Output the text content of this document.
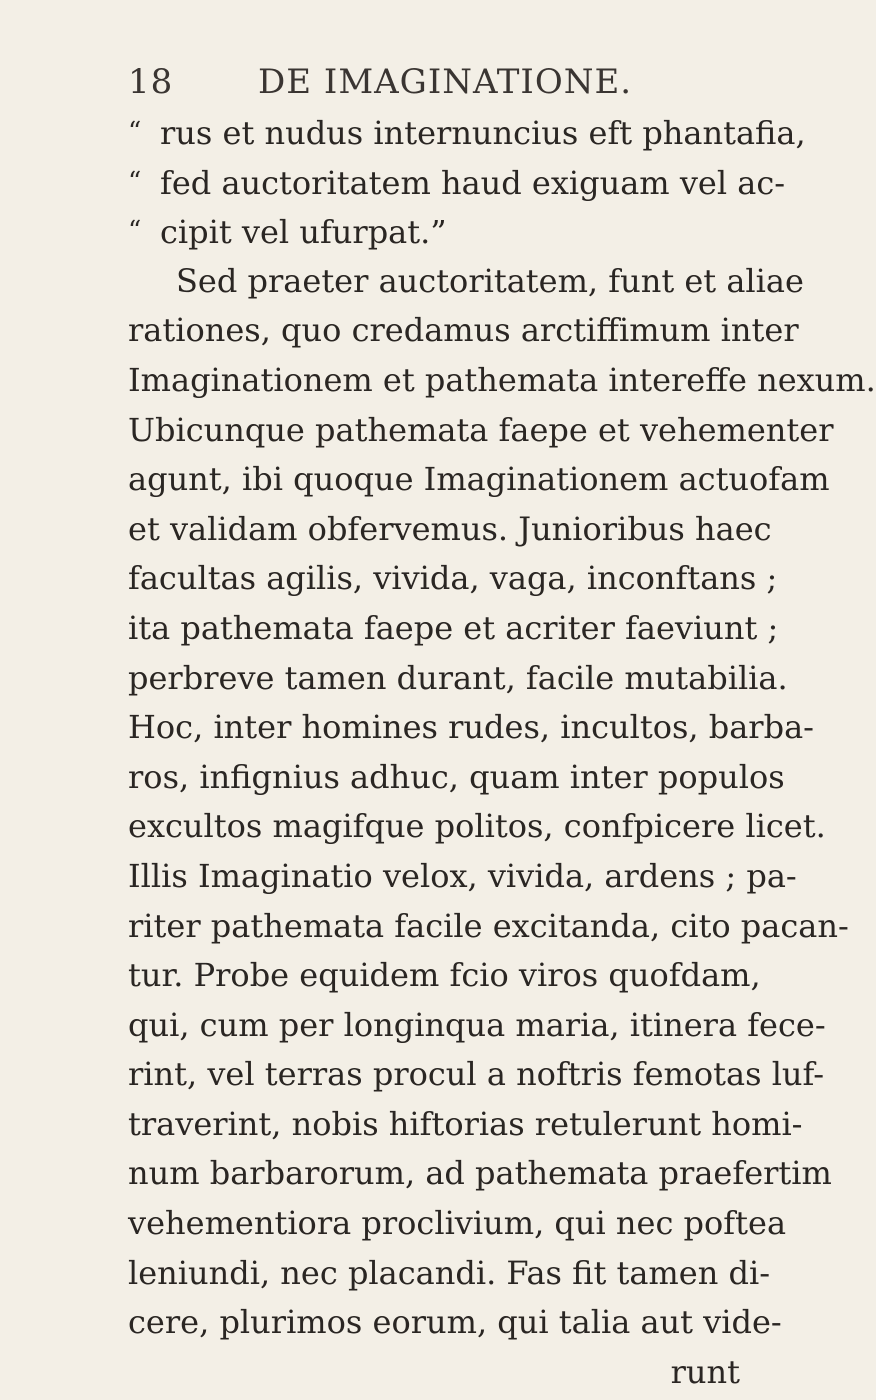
18 DE IMAGINATIONE.
“ rus et nudus internuncius eft phantafia,
“ fed auctoritatem haud exiguam vel ac-
“ cipit vel ufurpat.”
Sed praeter auctoritatem, funt et aliae
rationes, quo credamus arctiffimum inter
Imaginationem et pathemata intereffe nexum.
Ubicunque pathemata faepe et vehementer
agunt, ibi quoque Imaginationem actuofam
et validam obfervemus. Junioribus haec
facultas agilis, vivida, vaga, inconftans ;
ita pathemata faepe et acriter faeviunt ;
perbreve tamen durant, facile mutabilia.
Hoc, inter homines rudes, incultos, barba-
ros, infignius adhuc, quam inter populos
excultos magifque politos, confpicere licet.
Illis Imaginatio velox, vivida, ardens ; pa-
riter pathemata facile excitanda, cito pacan-
tur. Probe equidem fcio viros quofdam,
qui, cum per longinqua maria, itinera fece-
rint, vel terras procul a noftris femotas luf-
traverint, nobis hiftorias retulerunt homi-
num barbarorum, ad pathemata praefertim
vehementiora proclivium, qui nec poftea
leniundi, nec placandi. Fas fit tamen di-
cere, plurimos eorum, qui talia aut vide-
runt
